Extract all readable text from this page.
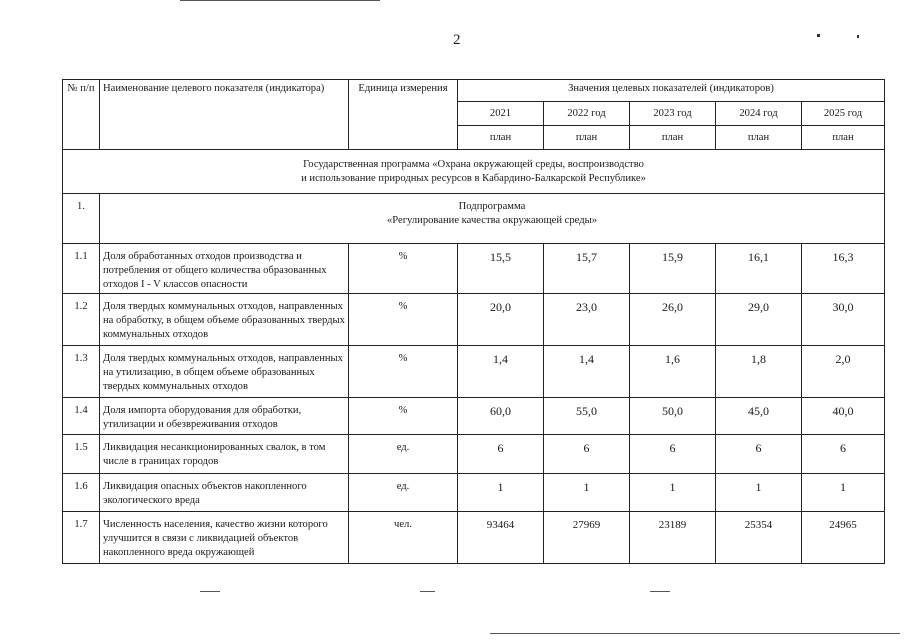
2
№ п/п	Наименование целевого показателя (индикатора)	Единица измерения	Значения целевых показателей (индикаторов)				
			2021	2022 год	2023 год	2024 год	2025 год
			план	план	план	план	план

Государственная программа «Охрана окружающей среды, воспроизводство
и использование природных ресурсов в Кабардино-Балкарской Республике»							

1.	Подпрограмма
«Регулирование качества окружающей среды»						

1.1	Доля обработанных отходов производства и потребления от общего количества образованных отходов I - V классов опасности	%	15,5	15,7	15,9	16,1	16,3
1.2	Доля твердых коммунальных отходов, направленных на обработку, в общем объеме образованных твердых коммунальных отходов	%	20,0	23,0	26,0	29,0	30,0
1.3	Доля твердых коммунальных отходов, направленных на утилизацию, в общем объеме образованных твердых коммунальных отходов	%	1,4	1,4	1,6	1,8	2,0
1.4	Доля импорта оборудования для обработки, утилизации и обезвреживания отходов	%	60,0	55,0	50,0	45,0	40,0
1.5	Ликвидация несанкционированных свалок, в том числе в границах городов	ед.	6	6	6	6	6
1.6	Ликвидация опасных объектов накопленного экологического вреда	ед.	1	1	1	1	1
1.7	Численность населения, качество жизни которого улучшится в связи с ликвидацией объектов накопленного вреда окружающей	чел.	93464	27969	23189	25354	24965
